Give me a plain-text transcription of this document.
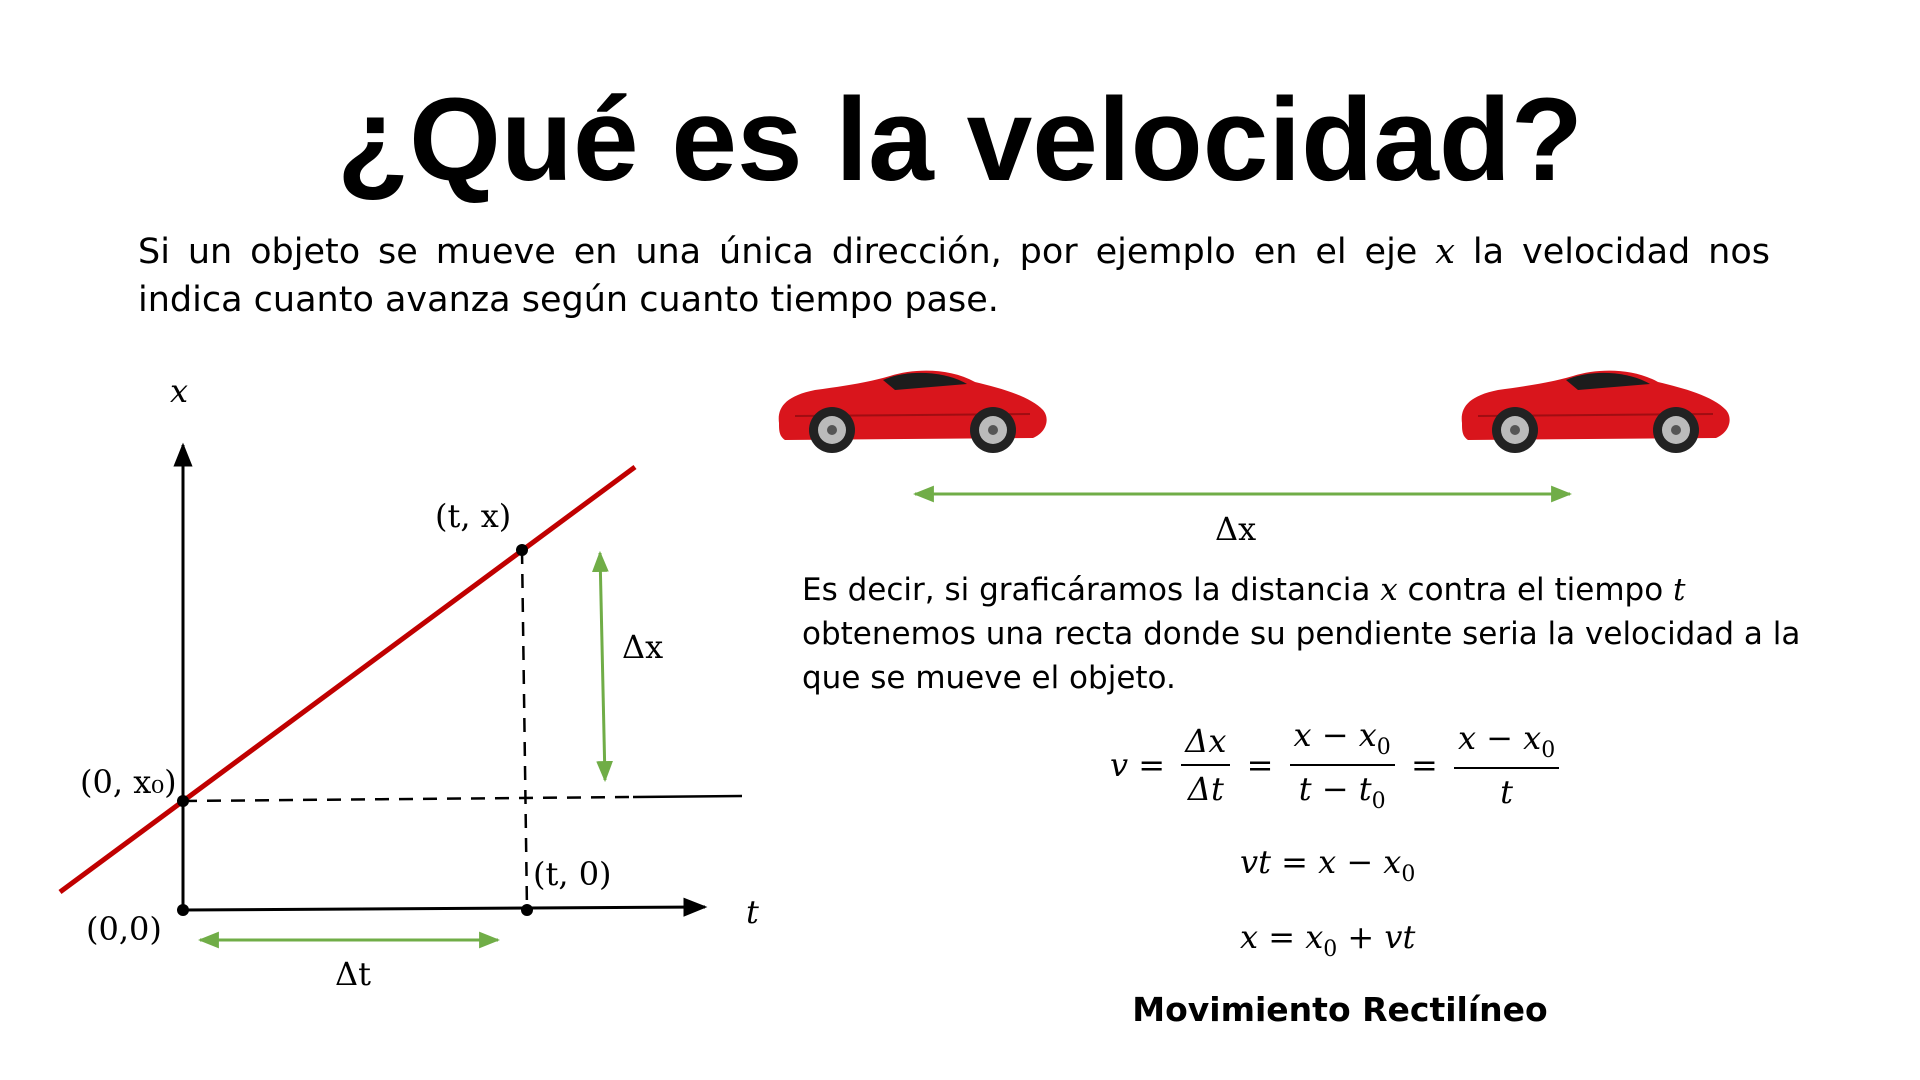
¿Qué es la velocidad?
Si un objeto se mueve en una única dirección, por ejemplo en el eje x la velocidad nos indica cuanto avanza según cuanto tiempo pase.
x
t
(0,0)
(t, x)
(0, x₀)
(t, 0)
Δx
Δt
Δx
Es decir, si graficáramos la distancia x contra el tiempo t obtenemos una recta donde su pendiente seria la velocidad a la que se mueve el objeto.
$v = \frac{\Delta x}{\Delta t} = \frac{x - x_0}{t - t_0} = \frac{x - x_0}{t}$
vt = $x - x_0$
$x = x_0$ + vt
Movimiento Rectilíneo
